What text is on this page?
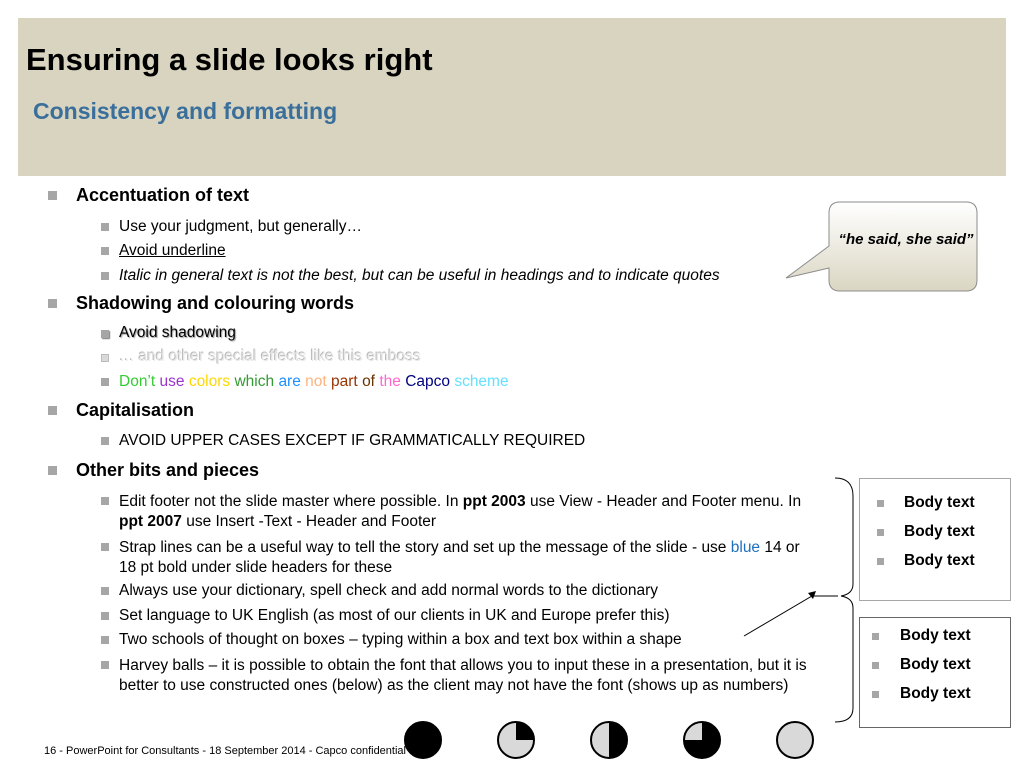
Ensuring a slide looks right
Consistency and formatting
Accentuation of text
Use your judgment, but generally…
Avoid underline
Italic in general text is not the best, but can be useful in headings and to indicate quotes
Shadowing and colouring words
Avoid shadowing
… and other special effects like this emboss
Don’t use colors which are not part of the Capco scheme
Capitalisation
AVOID UPPER CASES EXCEPT IF GRAMMATICALLY REQUIRED
Other bits and pieces
Edit footer not the slide master where possible. In ppt 2003 use View - Header and Footer menu. In ppt 2007 use Insert -Text - Header and Footer
Strap lines can be a useful way to tell the story and set up the message of the slide - use blue 14 or 18 pt bold under slide headers for these
Always use your dictionary, spell check and add normal words to the dictionary
Set language to UK English (as most of our clients in UK and Europe prefer this)
Two schools of thought on boxes – typing within a box and text box within a shape
Harvey balls – it is possible to obtain the font that allows you to input these in a presentation, but it is better to use constructed ones (below) as the client may not have the font (shows up as numbers)
“he said, she said”
Body text
Body text
Body text
Body text
Body text
Body text
16 - PowerPoint for Consultants - 18 September 2014 - Capco confidential
